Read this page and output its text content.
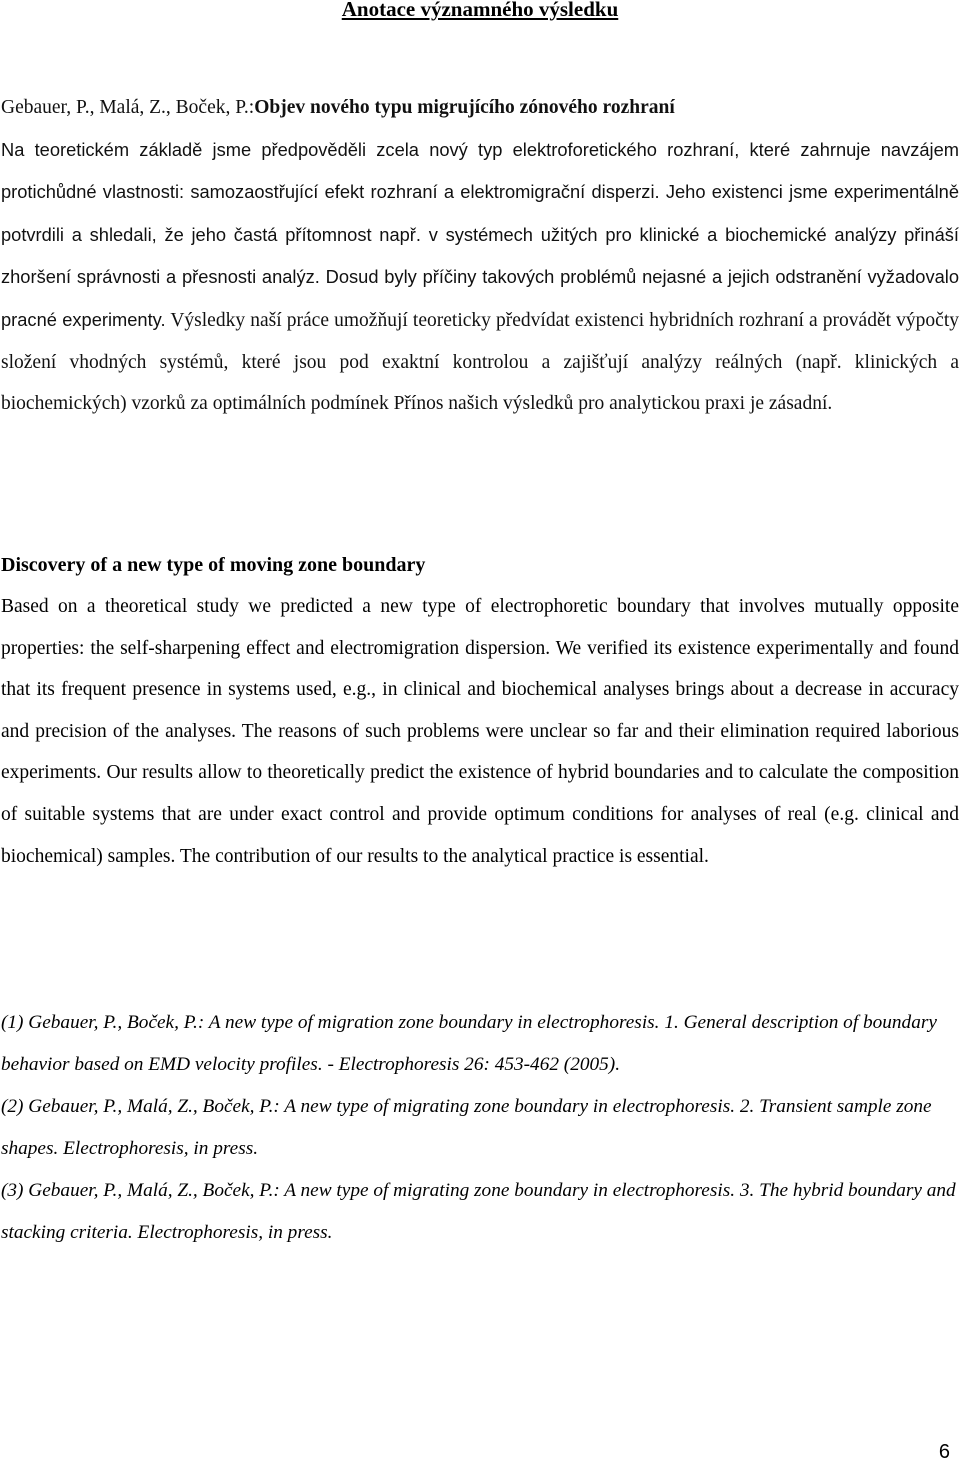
Anotace významného výsledku

Gebauer, P., Malá, Z., Boček, P.:Objev nového typu migrujícího zónového rozhraní
Na teoretickém základě jsme předpověděli zcela nový typ elektroforetického rozhraní, které zahrnuje navzájem protichůdné vlastnosti: samozaostřující efekt rozhraní a elektromigrační disperzi. Jeho existenci jsme experimentálně potvrdili a shledali, že jeho častá přítomnost např. v systémech užitých pro klinické a biochemické analýzy přináší zhoršení správnosti a přesnosti analýz. Dosud byly příčiny takových problémů nejasné a jejich odstranění vyžadovalo pracné experimenty. Výsledky naší práce umožňují teoreticky předvídat existenci hybridních rozhraní a provádět výpočty složení vhodných systémů, které jsou pod exaktní kontrolou a zajišťují analýzy reálných (např. klinických a biochemických) vzorků za optimálních podmínek Přínos našich výsledků pro analytickou praxi je zásadní.

Discovery of a new type of moving zone boundary

Based on a theoretical study we predicted a new type of electrophoretic boundary that involves mutually opposite properties: the self-sharpening effect and electromigration dispersion. We verified its existence experimentally and found that its frequent presence in systems used, e.g., in clinical and biochemical analyses brings about a decrease in accuracy and precision of the analyses. The reasons of such problems were unclear so far and their elimination required laborious experiments. Our results allow to theoretically predict the existence of hybrid boundaries and to calculate the composition of suitable systems that are under exact control and provide optimum conditions for analyses of real (e.g. clinical and biochemical) samples. The contribution of our results to the analytical practice is essential.

(1) Gebauer, P., Boček, P.: A new type of migration zone boundary in electrophoresis. 1. General description of boundary behavior based on EMD velocity profiles. - Electrophoresis 26: 453-462 (2005).

(2) Gebauer, P., Malá, Z., Boček, P.: A new type of migrating zone boundary in electrophoresis. 2. Transient sample zone shapes. Electrophoresis, in press.

(3) Gebauer, P., Malá, Z., Boček, P.: A new type of migrating zone boundary in electrophoresis. 3. The hybrid boundary and stacking criteria. Electrophoresis, in press.

6
